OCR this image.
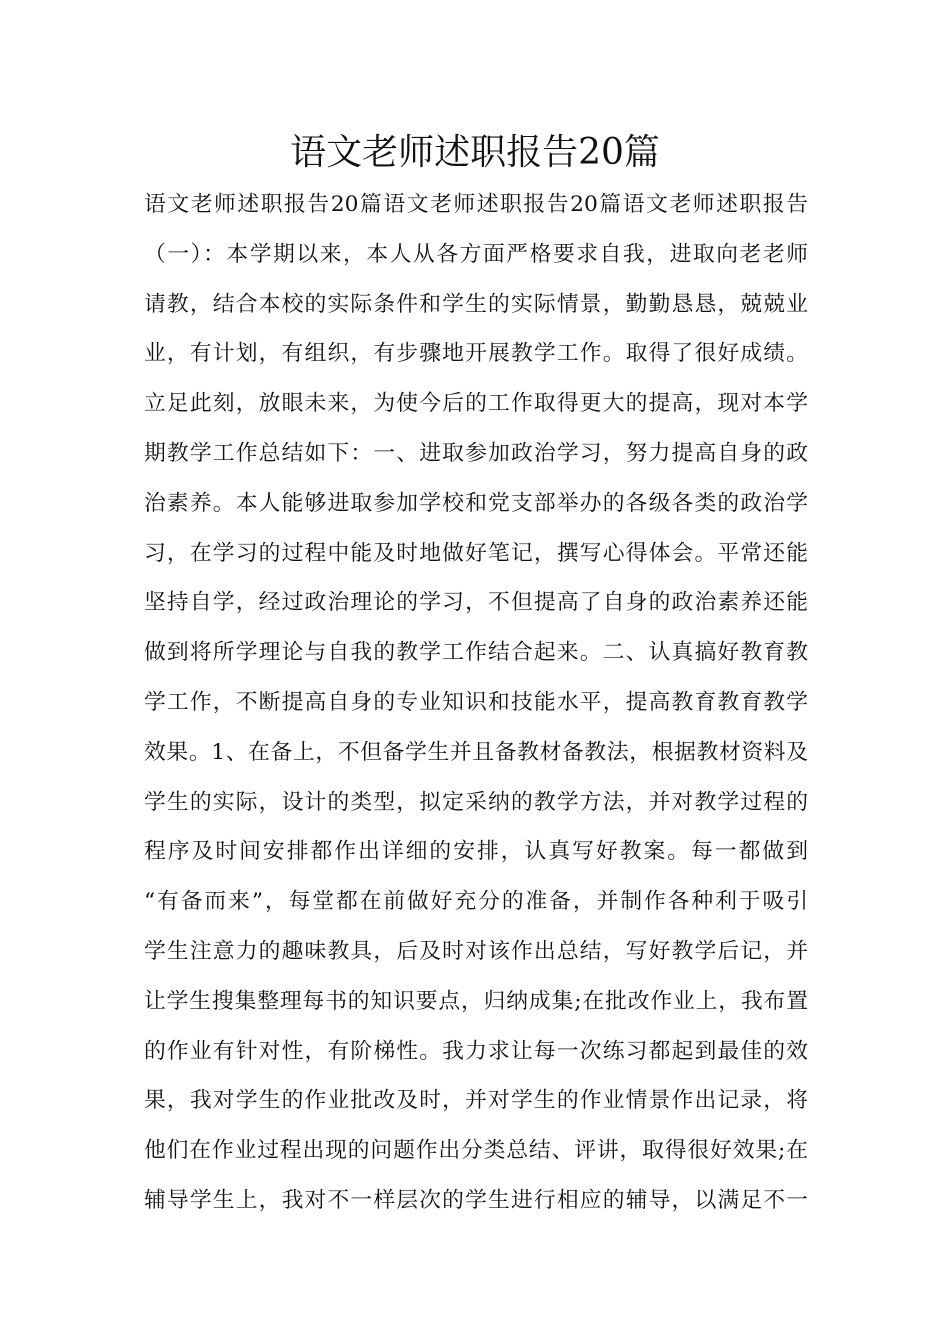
语文老师述职报告20篇
语文老师述职报告20篇语文老师述职报告20篇语文老师述职报告
（一）：本学期以来，本人从各方面严格要求自我，进取向老老师
请教，结合本校的实际条件和学生的实际情景，勤勤恳恳，兢兢业
业，有计划，有组织，有步骤地开展教学工作。取得了很好成绩。
立足此刻，放眼未来，为使今后的工作取得更大的提高，现对本学
期教学工作总结如下：一、进取参加政治学习，努力提高自身的政
治素养。本人能够进取参加学校和党支部举办的各级各类的政治学
习，在学习的过程中能及时地做好笔记，撰写心得体会。平常还能
坚持自学，经过政治理论的学习，不但提高了自身的政治素养还能
做到将所学理论与自我的教学工作结合起来。二、认真搞好教育教
学工作，不断提高自身的专业知识和技能水平，提高教育教育教学
效果。1、在备上，不但备学生并且备教材备教法，根据教材资料及
学生的实际，设计的类型，拟定采纳的教学方法，并对教学过程的
程序及时间安排都作出详细的安排，认真写好教案。每一都做到
“有备而来”，每堂都在前做好充分的准备，并制作各种利于吸引
学生注意力的趣味教具，后及时对该作出总结，写好教学后记，并
让学生搜集整理每书的知识要点，归纳成集;在批改作业上，我布置
的作业有针对性，有阶梯性。我力求让每一次练习都起到最佳的效
果，我对学生的作业批改及时，并对学生的作业情景作出记录，将
他们在作业过程出现的问题作出分类总结、评讲，取得很好效果;在
辅导学生上，我对不一样层次的学生进行相应的辅导，以满足不一
